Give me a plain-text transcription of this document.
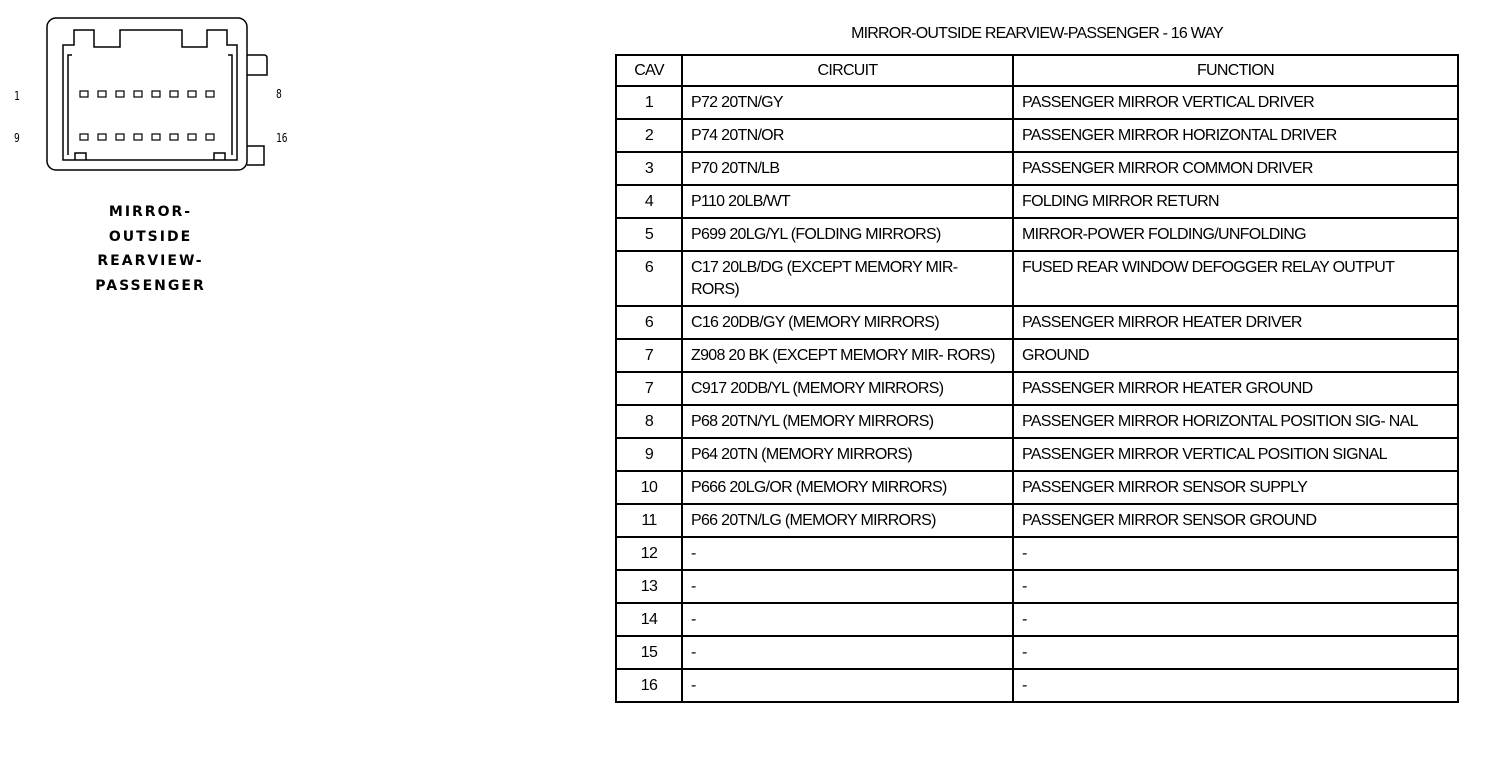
1	8
9	16
MIRROR-
OUTSIDE
REARVIEW-
PASSENGER
MIRROR-OUTSIDE REARVIEW-PASSENGER - 16 WAY
CAV	CIRCUIT	FUNCTION
1	P72 20TN/GY	PASSENGER MIRROR VERTICAL DRIVER
2	P74 20TN/OR	PASSENGER MIRROR HORIZONTAL DRIVER
3	P70 20TN/LB	PASSENGER MIRROR COMMON DRIVER
4	P110 20LB/WT	FOLDING MIRROR RETURN
5	P699 20LG/YL (FOLDING MIRRORS)	MIRROR-POWER FOLDING/UNFOLDING
6	C17 20LB/DG (EXCEPT MEMORY MIR- RORS)	FUSED REAR WINDOW DEFOGGER RELAY OUTPUT
6	C16 20DB/GY (MEMORY MIRRORS)	PASSENGER MIRROR HEATER DRIVER
7	Z908 20 BK (EXCEPT MEMORY MIR- RORS)	GROUND
7	C917 20DB/YL (MEMORY MIRRORS)	PASSENGER MIRROR HEATER GROUND
8	P68 20TN/YL (MEMORY MIRRORS)	PASSENGER MIRROR HORIZONTAL POSITION SIG- NAL
9	P64 20TN (MEMORY MIRRORS)	PASSENGER MIRROR VERTICAL POSITION SIGNAL
10	P666 20LG/OR (MEMORY MIRRORS)	PASSENGER MIRROR SENSOR SUPPLY
11	P66 20TN/LG (MEMORY MIRRORS)	PASSENGER MIRROR SENSOR GROUND
12	-	-
13	-	-
14	-	-
15	-	-
16	-	-
